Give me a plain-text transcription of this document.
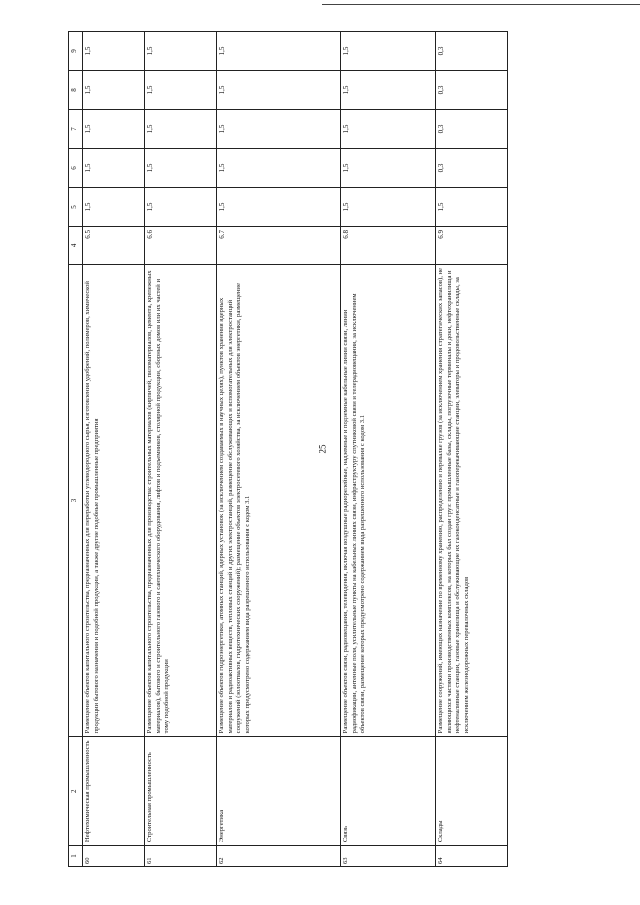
25
1	2	3	4	5	6	7	8	9
60	Нефтехимическая промышленность	Размещение объектов капитального строительства, предназначенных для переработки углеводородного сырья, изготовления удобрений, полимеров, химической продукции бытового назначения и подобной продукции, а также другие подобные промышленные предприятия	6.5	1,5	1,5	1,5	1,5	1,5
61	Строительная промышленность	Размещение объектов капитального строительства, предназначенных для производства: строительных материалов (кирпичей, пиломатериалов, цемента, крепежных материалов), бытового и строительного газового и сантехнического оборудования, лифтов и подъемников, столярной продукции, сборных домов или их частей и тому подобной продукции	6.6	1,5	1,5	1,5	1,5	1,5
62	Энергетика	Размещение объектов гидроэнергетики, атомных станций, ядерных установок (за исключением создаваемых в научных целях), пунктов хранения ядерных материалов и радиоактивных веществ, тепловых станций и других электростанций, размещение обслуживающих и вспомогательных для электростанций сооружений (золоотвалов, гидротехнических сооружений); размещение объектов электросетевого хозяйства, за исключением объектов энергетики, размещение которых предусмотрено содержанием вида разрешенного использования с кодом 3.1	6.7	1,5	1,5	1,5	1,5	1,5
63	Связь	Размещение объектов связи, радиовещания, телевидения, включая воздушные радиорелейные, надземные и подземные кабельные линии связи, линии радиофикации, антенные поля, усилительные пункты на кабельных линиях связи, инфраструктуру спутниковой связи и телерадиовещания, за исключением объектов связи, размещение которых предусмотрено содержанием вида разрешенного использования с кодом 3.1	6.8	1,5	1,5	1,5	1,5	1,5
64	Склады	Размещение сооружений, имеющих назначение по временному хранению, распределению и перевалке грузов (за исключением хранения стратегических запасов), не являющихся частями производственных комплексов, на которых был создан груз: промышленные базы, склады, погрузочные терминалы и доки, нефтехранилища и нефтеналивные станции, газовые хранилища и обслуживающие их газоконденсатные и газоперекачивающие станции, элеваторы и продовольственные склады, за исключением железнодорожных перевалочных складов	6.9	1,5	0,3	0,3	0,3	0,3
